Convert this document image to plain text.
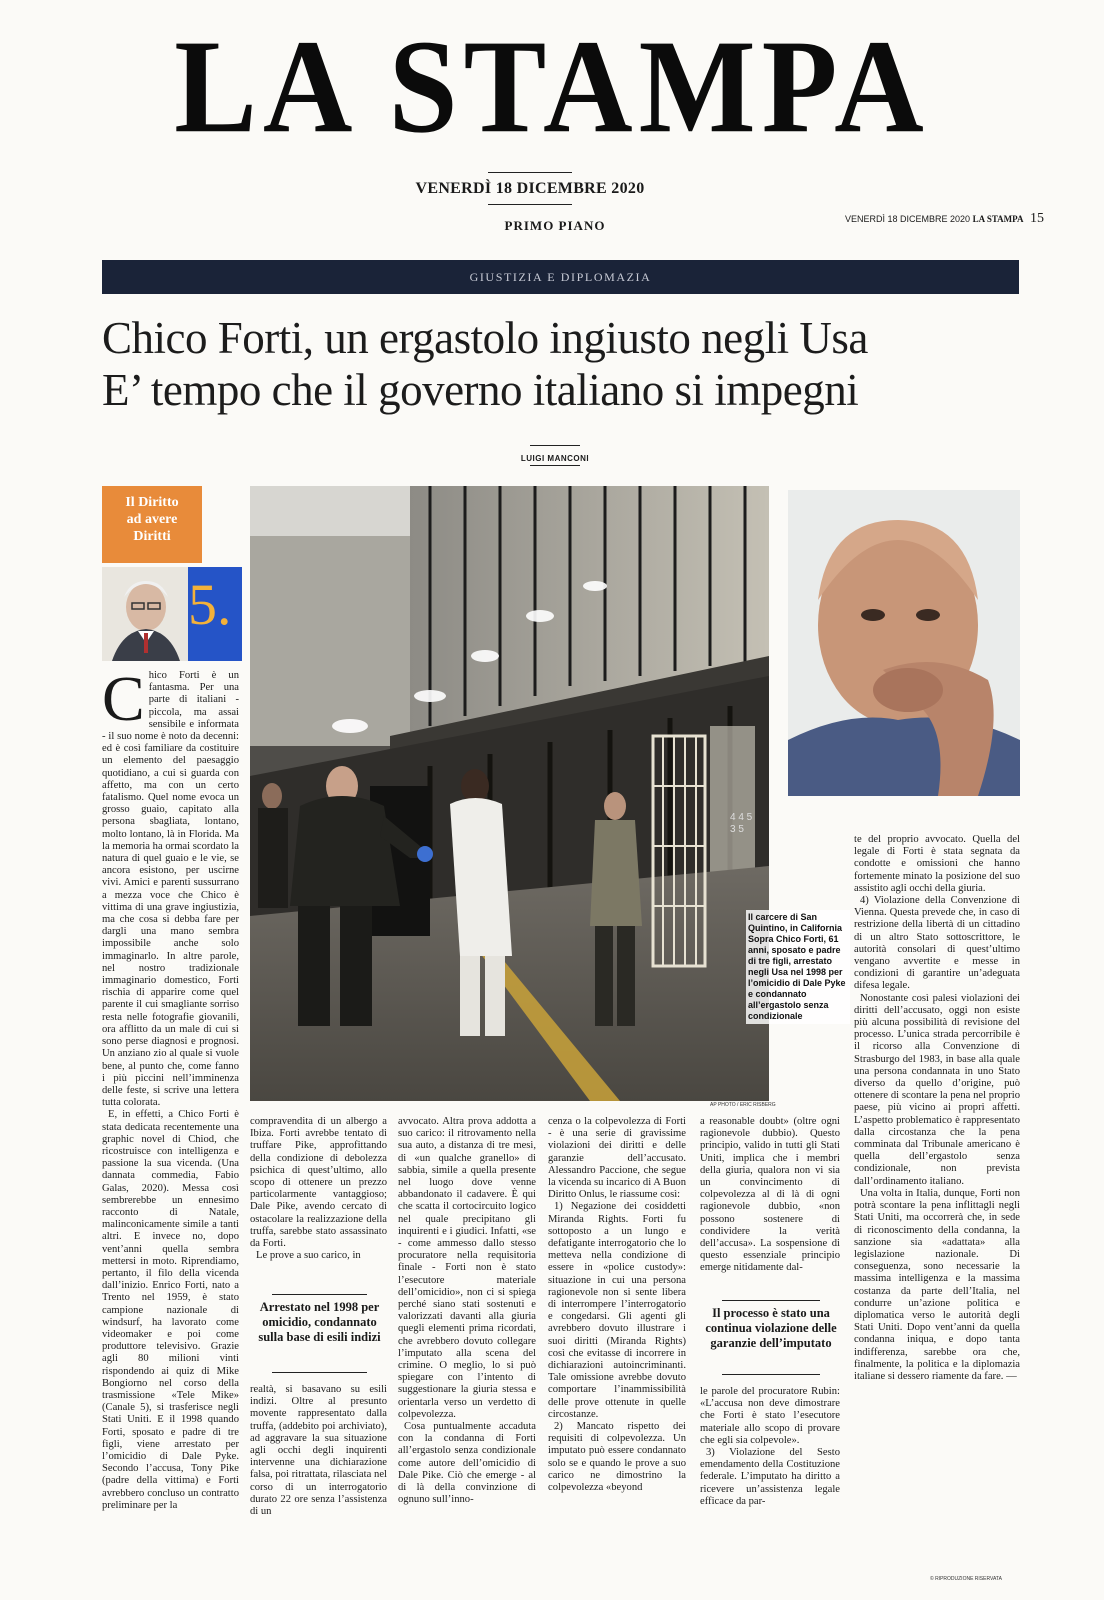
LA STAMPA
VENERDÌ 18 DICEMBRE 2020
PRIMO PIANO	VENERDÌ 18 DICEMBRE 2020 LA STAMPA 15
GIUSTIZIA E DIPLOMAZIA
Chico Forti, un ergastolo ingiusto negli Usa
E’ tempo che il governo italiano si impegni
LUIGI MANCONI
Il Diritto
ad avere
Diritti
5.
4 4 5 3 5
Il carcere di San Quintino, in California Sopra Chico Forti, 61 anni, sposato e padre di tre figli, arrestato negli Usa nel 1998 per l’omicidio di Dale Pyke e condannato all’ergastolo senza condizionale
AP PHOTO / ERIC RISBERG
C hico Forti è un fantasma. Per una parte di italiani - piccola, ma assai sensibile e informata - il suo nome è noto da decenni: ed è così familiare da costituire un elemento del paesaggio quotidiano, a cui si guarda con affetto, ma con un certo fatalismo. Quel nome evoca un grosso guaio, capitato alla persona sbagliata, lontano, molto lontano, là in Florida. Ma la memoria ha ormai scordato la natura di quel guaio e le vie, se ancora esistono, per uscirne vivi. Amici e parenti sussurrano a mezza voce che Chico è vittima di una grave ingiustizia, ma che cosa si debba fare per dargli una mano sembra impossibile anche solo immaginarlo. In altre parole, nel nostro tradizionale immaginario domestico, Forti rischia di apparire come quel parente il cui smagliante sorriso resta nelle fotografie giovanili, ora afflitto da un male di cui si sono perse diagnosi e prognosi. Un anziano zio al quale si vuole bene, al punto che, come fanno i più piccini nell’imminenza delle feste, si scrive una lettera tutta colorata.

E, in effetti, a Chico Forti è stata dedicata recentemente una graphic novel di Chiod, che ricostruisce con intelligenza e passione la sua vicenda. (Una dannata commedia, Fabio Galas, 2020). Messa così sembrerebbe un ennesimo racconto di Natale, malinconicamente simile a tanti altri. E invece no, dopo vent’anni quella sembra mettersi in moto. Riprendiamo, pertanto, il filo della vicenda dall’inizio. Enrico Forti, nato a Trento nel 1959, è stato campione nazionale di windsurf, ha lavorato come videomaker e poi come produttore televisivo. Grazie agli 80 milioni vinti rispondendo ai quiz di Mike Bongiorno nel corso della trasmissione «Tele Mike» (Canale 5), si trasferisce negli Stati Uniti. E il 1998 quando Forti, sposato e padre di tre figli, viene arrestato per l’omicidio di Dale Pyke. Secondo l’accusa, Tony Pike (padre della vittima) e Forti avrebbero concluso un contratto preliminare per la

compravendita di un albergo a Ibiza. Forti avrebbe tentato di truffare Pike, approfittando della condizione di debolezza psichica di quest’ultimo, allo scopo di ottenere un prezzo particolarmente vantaggioso; Dale Pike, avendo cercato di ostacolare la realizzazione della truffa, sarebbe stato assassinato da Forti.

Le prove a suo carico, in

Arrestato nel 1998 per omicidio, condannato sulla base di esili indizi

realtà, si basavano su esili indizi. Oltre al presunto movente rappresentato dalla truffa, (addebito poi archiviato), ad aggravare la sua situazione agli occhi degli inquirenti intervenne una dichiarazione falsa, poi ritrattata, rilasciata nel corso di un interrogatorio durato 22 ore senza l’assistenza di un

avvocato. Altra prova addotta a suo carico: il ritrovamento nella sua auto, a distanza di tre mesi, di «un qualche granello» di sabbia, simile a quella presente nel luogo dove venne abbandonato il cadavere. È qui che scatta il cortocircuito logico nel quale precipitano gli inquirenti e i giudici. Infatti, «se - come ammesso dallo stesso procuratore nella requisitoria finale - Forti non è stato l’esecutore materiale dell’omicidio», non ci si spiega perché siano stati sostenuti e valorizzati davanti alla giuria quegli elementi prima ricordati, che avrebbero dovuto collegare l’imputato alla scena del crimine. O meglio, lo si può spiegare con l’intento di suggestionare la giuria stessa e orientarla verso un verdetto di colpevolezza.

Cosa puntualmente accaduta con la condanna di Forti all’ergastolo senza condizionale come autore dell’omicidio di Dale Pike. Ciò che emerge - al di là della convinzione di ognuno sull’inno-

cenza o la colpevolezza di Forti - è una serie di gravissime violazioni dei diritti e delle garanzie dell’accusato. Alessandro Paccione, che segue la vicenda su incarico di A Buon Diritto Onlus, le riassume così:

1) Negazione dei cosiddetti Miranda Rights. Forti fu sottoposto a un lungo e defatigante interrogatorio che lo metteva nella condizione di essere in «police custody»: situazione in cui una persona ragionevole non si sente libera di interrompere l’interrogatorio e congedarsi. Gli agenti gli avrebbero dovuto illustrare i suoi diritti (Miranda Rights) così che evitasse di incorrere in dichiarazioni autoincriminanti. Tale omissione avrebbe dovuto comportare l’inammissibilità delle prove ottenute in quelle circostanze.

2) Mancato rispetto dei requisiti di colpevolezza. Un imputato può essere condannato solo se e quando le prove a suo carico ne dimostrino la colpevolezza «beyond

a reasonable doubt» (oltre ogni ragionevole dubbio). Questo principio, valido in tutti gli Stati Uniti, implica che i membri della giuria, qualora non vi sia un convincimento di colpevolezza al di là di ogni ragionevole dubbio, «non possono sostenere di condividere la verità dell’accusa». La sospensione di questo essenziale principio emerge nitidamente dal-

Il processo è stato una continua violazione delle garanzie dell’imputato

le parole del procuratore Rubin: «L’accusa non deve dimostrare che Forti è stato l’esecutore materiale allo scopo di provare che egli sia colpevole».

3) Violazione del Sesto emendamento della Costituzione federale. L’imputato ha diritto a ricevere un’assistenza legale efficace da par-

te del proprio avvocato. Quella del legale di Forti è stata segnata da condotte e omissioni che hanno fortemente minato la posizione del suo assistito agli occhi della giuria.

4) Violazione della Convenzione di Vienna. Questa prevede che, in caso di restrizione della libertà di un cittadino di un altro Stato sottoscrittore, le autorità consolari di quest’ultimo vengano avvertite e messe in condizioni di garantire un’adeguata difesa legale.

Nonostante così palesi violazioni dei diritti dell’accusato, oggi non esiste più alcuna possibilità di revisione del processo. L’unica strada percorribile è il ricorso alla Convenzione di Strasburgo del 1983, in base alla quale una persona condannata in uno Stato diverso da quello d’origine, può ottenere di scontare la pena nel proprio paese, più vicino ai propri affetti. L’aspetto problematico è rappresentato dalla circostanza che la pena comminata dal Tribunale americano è quella dell’ergastolo senza condizionale, non prevista dall’ordinamento italiano.

Una volta in Italia, dunque, Forti non potrà scontare la pena inflittagli negli Stati Uniti, ma occorrerà che, in sede di riconoscimento della condanna, la sanzione sia «adattata» alla legislazione nazionale. Di conseguenza, sono necessarie la massima intelligenza e la massima costanza da parte dell’Italia, nel condurre un’azione politica e diplomatica verso le autorità degli Stati Uniti. Dopo vent’anni da quella condanna iniqua, e dopo tanta indifferenza, sarebbe ora che, finalmente, la politica e la diplomazia italiane si dessero riamente da fare. —

© RIPRODUZIONE RISERVATA
